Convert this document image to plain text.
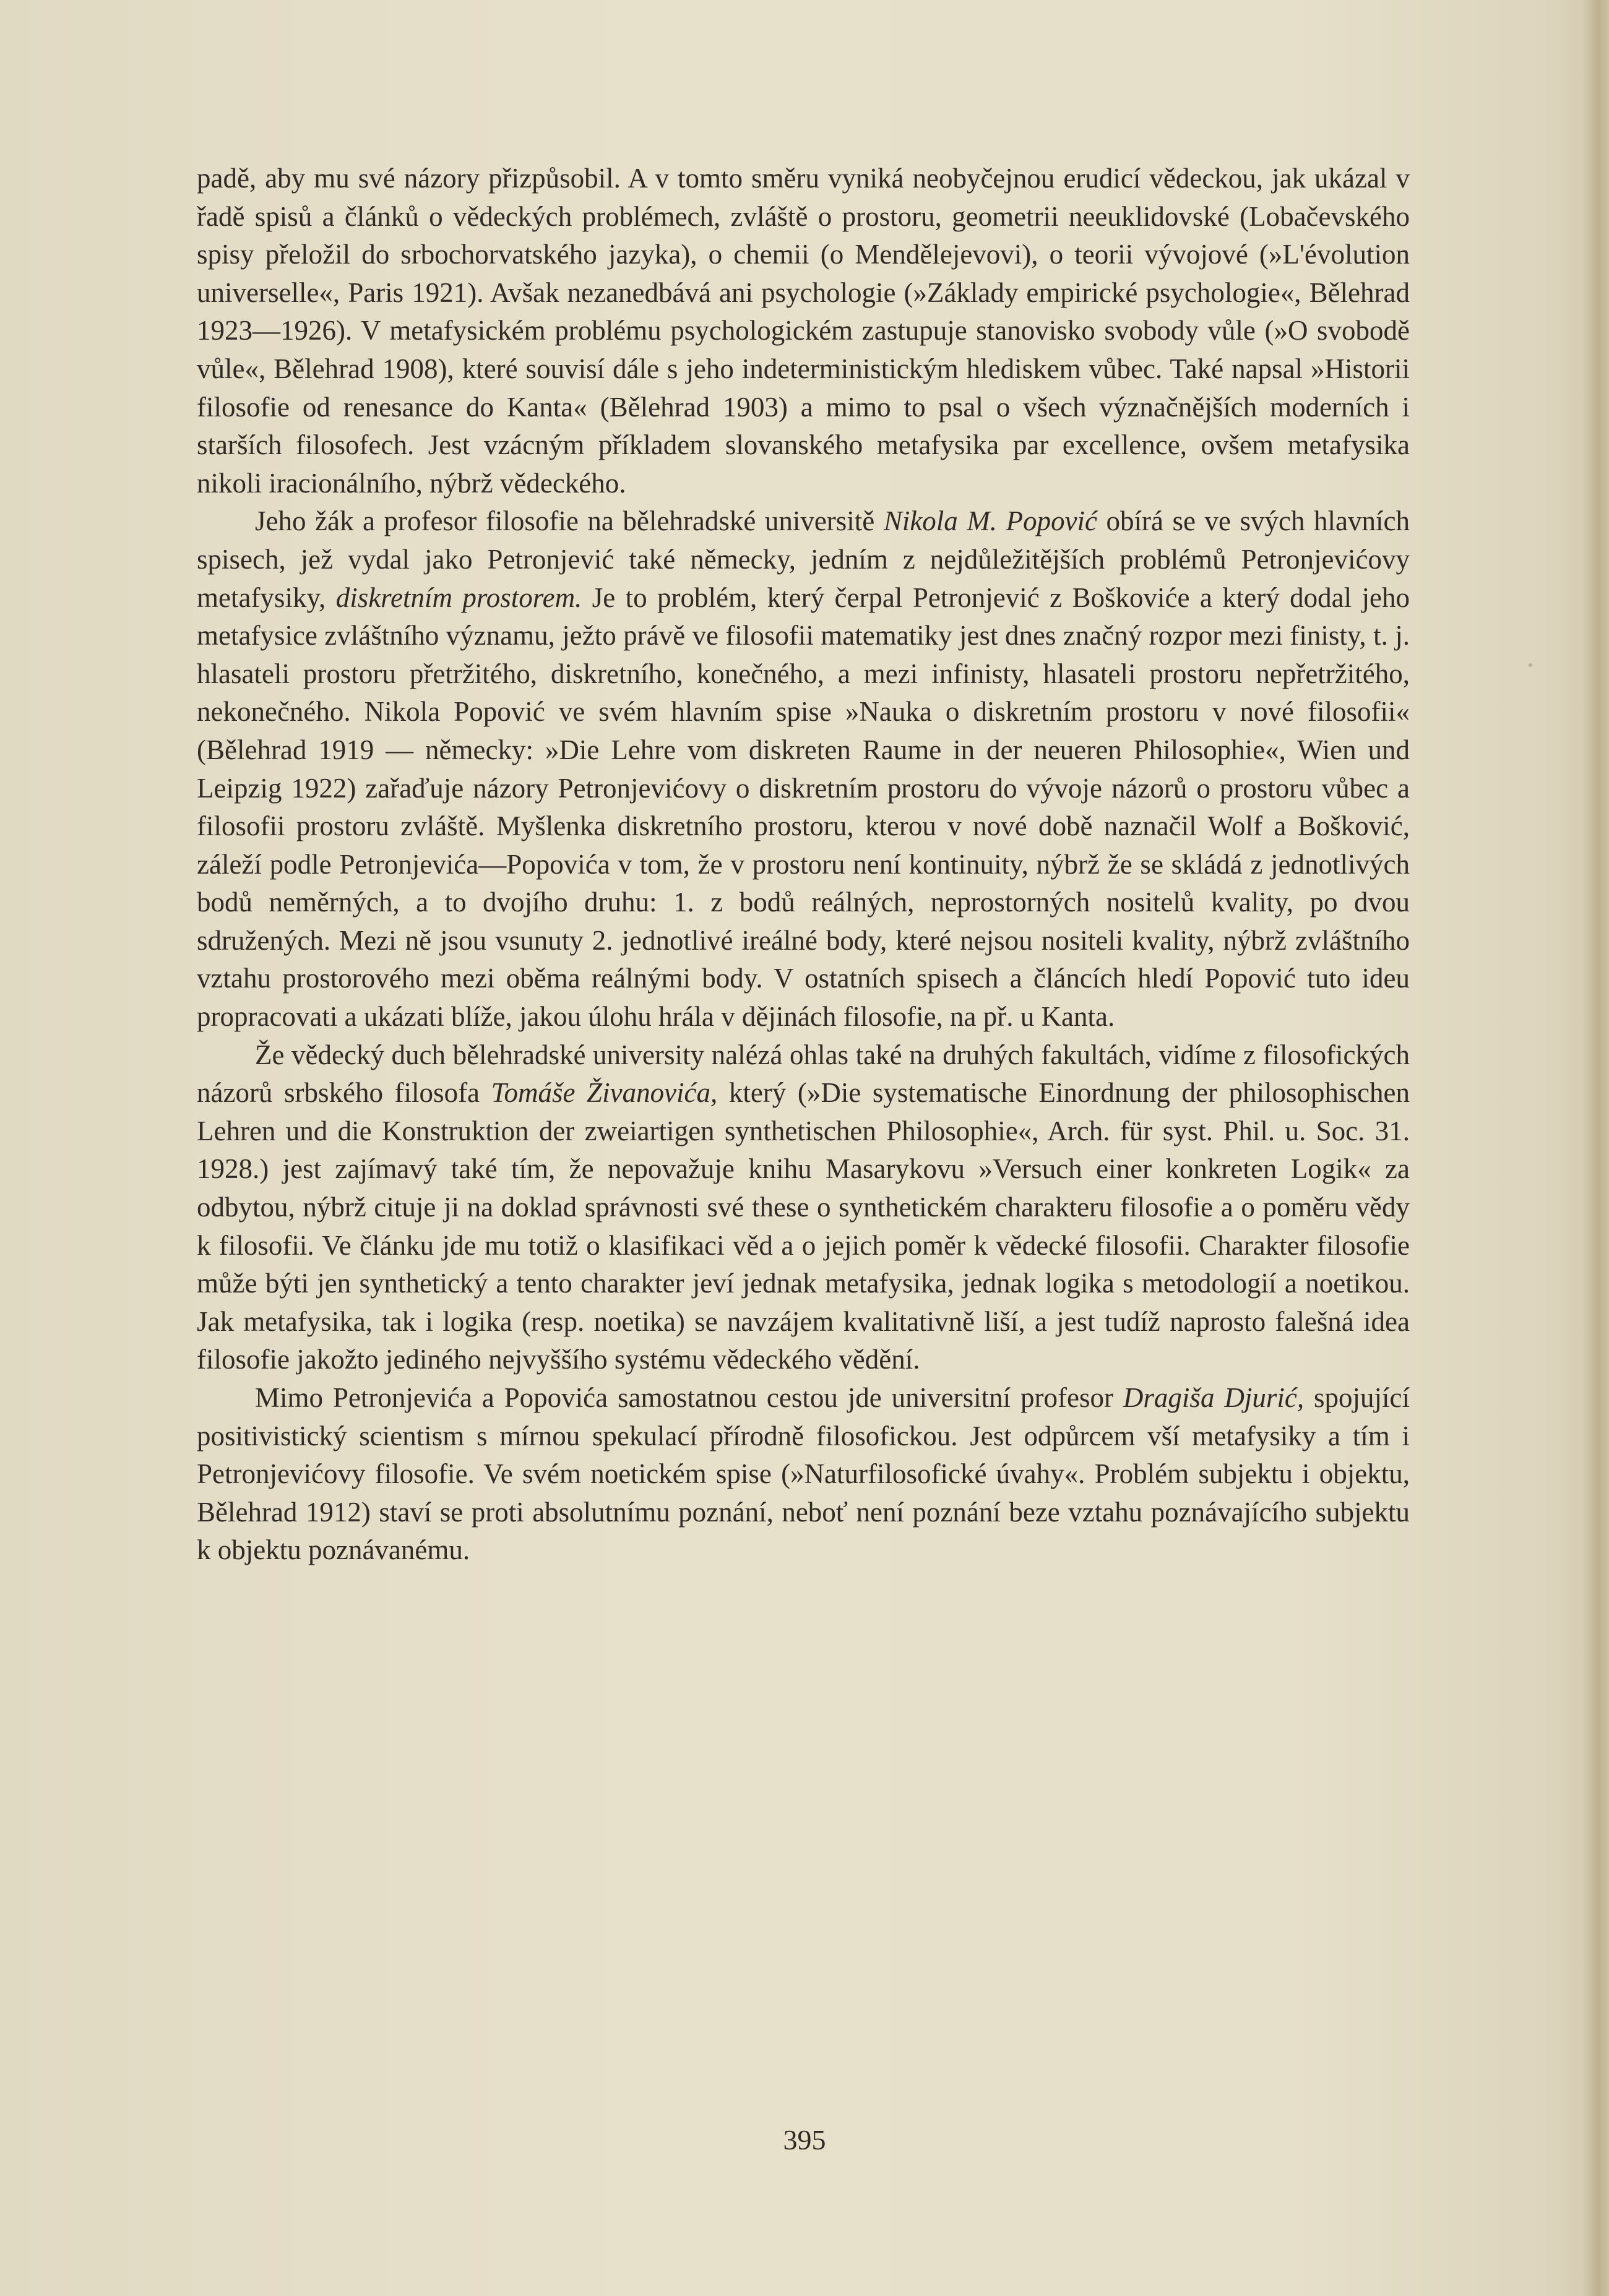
padě, aby mu své názory přizpůsobil. A v tomto směru vyniká neobyčejnou erudicí vědeckou, jak ukázal v řadě spisů a článků o vědeckých problémech, zvláště o prostoru, geometrii neeuklidovské (Lobačevského spisy přeložil do srbochorvatského jazyka), o chemii (o Mendělejevovi), o teorii vývojové (»L'évolution universelle«, Paris 1921). Avšak nezanedbává ani psychologie (»Základy empirické psychologie«, Bělehrad 1923—1926). V metafysickém problému psychologickém zastupuje stanovisko svobody vůle (»O svobodě vůle«, Bělehrad 1908), které souvisí dále s jeho indeterministickým hlediskem vůbec. Také napsal »Historii filosofie od renesance do Kanta« (Bělehrad 1903) a mimo to psal o všech význačnějších moderních i starších filosofech. Jest vzácným příkladem slovanského metafysika par excellence, ovšem metafysika nikoli iracionálního, nýbrž vědeckého.

Jeho žák a profesor filosofie na bělehradské universitě Nikola M. Popović obírá se ve svých hlavních spisech, jež vydal jako Petronjević také německy, jedním z nejdůležitějších problémů Petronjevićovy metafysiky, diskretním prostorem. Je to problém, který čerpal Petronjević z Boškoviće a který dodal jeho metafysice zvláštního významu, ježto právě ve filosofii matematiky jest dnes značný rozpor mezi finisty, t. j. hlasateli prostoru přetržitého, diskretního, konečného, a mezi infinisty, hlasateli prostoru nepřetržitého, nekonečného. Nikola Popović ve svém hlavním spise »Nauka o diskretním prostoru v nové filosofii« (Bělehrad 1919 — německy: »Die Lehre vom diskreten Raume in der neueren Philosophie«, Wien und Leipzig 1922) zařaďuje názory Petronjevićovy o diskretním prostoru do vývoje názorů o prostoru vůbec a filosofii prostoru zvláště. Myšlenka diskretního prostoru, kterou v nové době naznačil Wolf a Bošković, záleží podle Petronjevića—Popovića v tom, že v prostoru není kontinuity, nýbrž že se skládá z jednotlivých bodů neměrných, a to dvojího druhu: 1. z bodů reálných, neprostorných nositelů kvality, po dvou sdružených. Mezi ně jsou vsunuty 2. jednotlivé ireálné body, které nejsou nositeli kvality, nýbrž zvláštního vztahu prostorového mezi oběma reálnými body. V ostatních spisech a článcích hledí Popović tuto ideu propracovati a ukázati blíže, jakou úlohu hrála v dějinách filosofie, na př. u Kanta.

Že vědecký duch bělehradské university nalézá ohlas také na druhých fakultách, vidíme z filosofických názorů srbského filosofa Tomáše Živanovića, který (»Die systematische Einordnung der philosophischen Lehren und die Konstruktion der zweiartigen synthetischen Philosophie«, Arch. für syst. Phil. u. Soc. 31. 1928.) jest zajímavý také tím, že nepovažuje knihu Masarykovu »Versuch einer konkreten Logik« za odbytou, nýbrž cituje ji na doklad správnosti své these o synthetickém charakteru filosofie a o poměru vědy k filosofii. Ve článku jde mu totiž o klasifikaci věd a o jejich poměr k vědecké filosofii. Charakter filosofie může býti jen synthetický a tento charakter jeví jednak metafysika, jednak logika s metodologií a noetikou. Jak metafysika, tak i logika (resp. noetika) se navzájem kvalitativně liší, a jest tudíž naprosto falešná idea filosofie jakožto jediného nejvyššího systému vědeckého vědění.

Mimo Petronjevića a Popovića samostatnou cestou jde universitní profesor Dragiša Djurić, spojující positivistický scientism s mírnou spekulací přírodně filosofickou. Jest odpůrcem vší metafysiky a tím i Petronjevićovy filosofie. Ve svém noetickém spise (»Naturfilosofické úvahy«. Problém subjektu i objektu, Bělehrad 1912) staví se proti absolutnímu poznání, neboť není poznání beze vztahu poznávajícího subjektu k objektu poznávanému.

395
